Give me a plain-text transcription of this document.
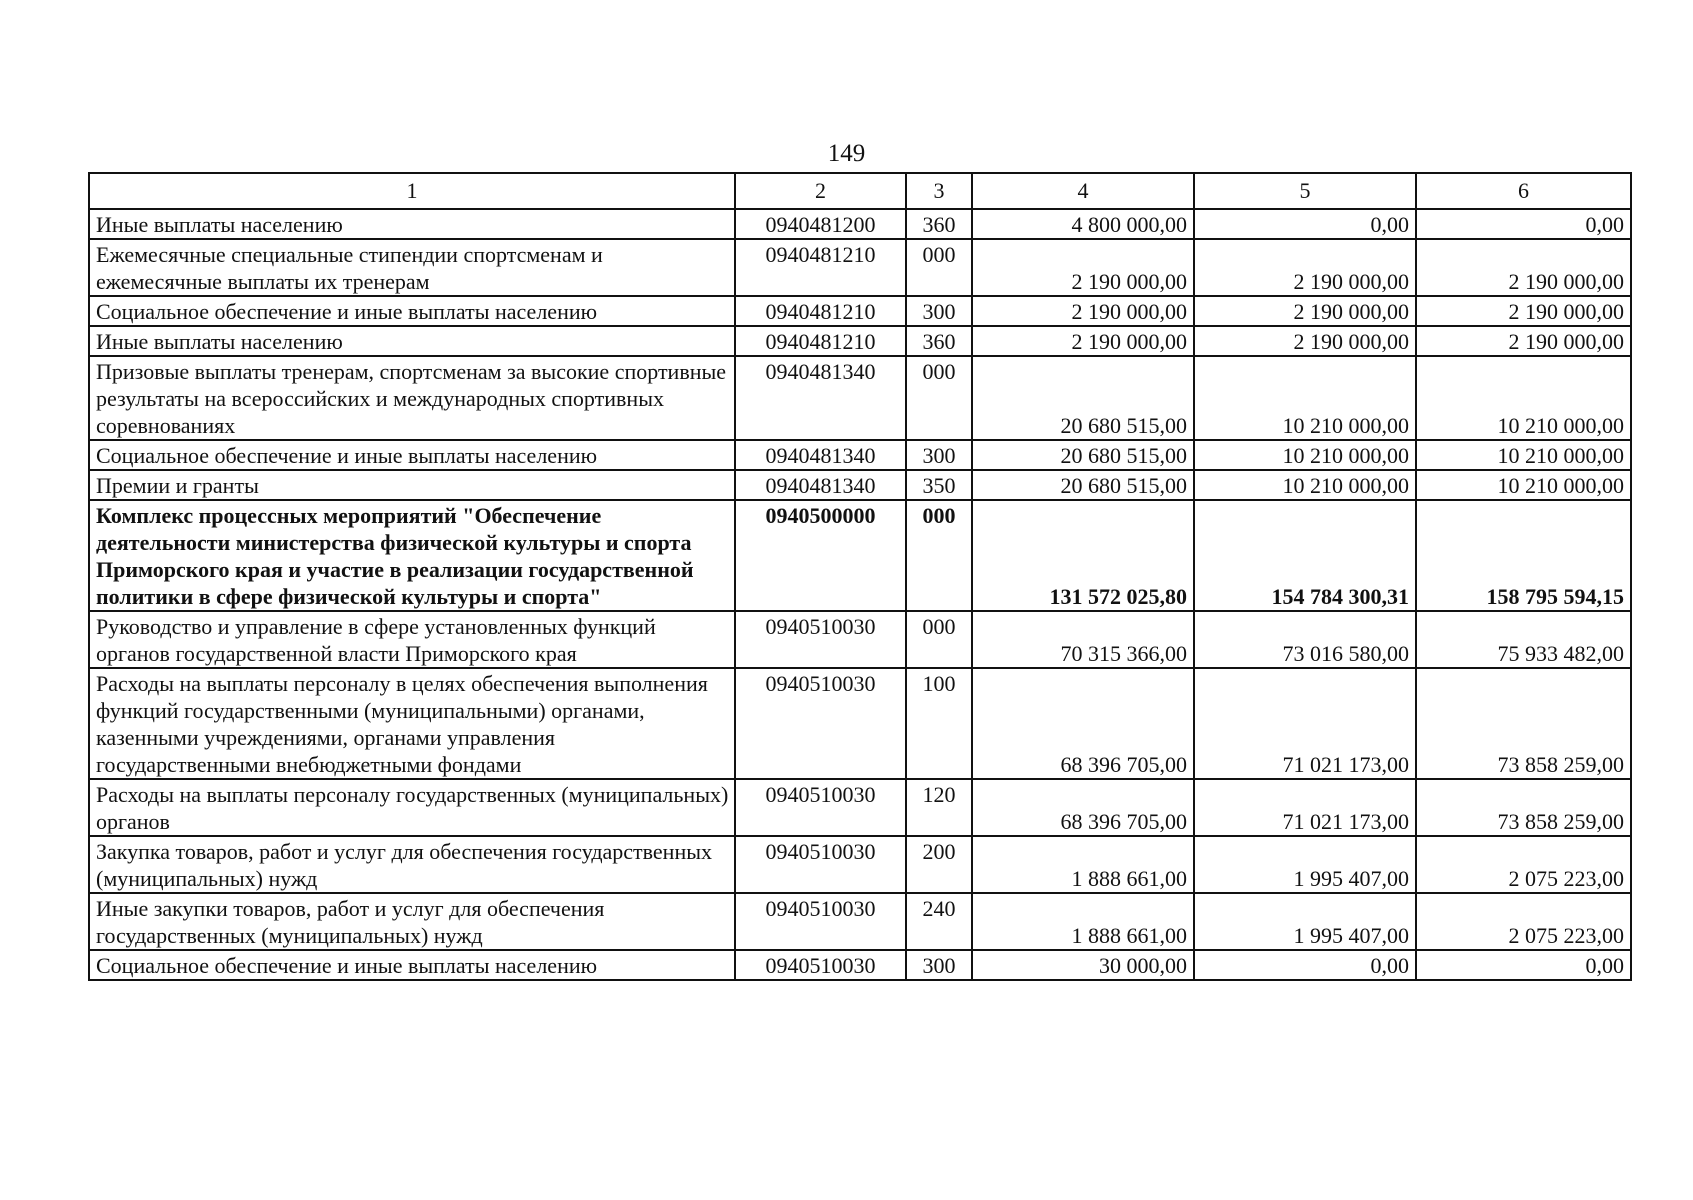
149
1	2	3	4	5	6
Иные выплаты населению	0940481200	360	4 800 000,00	0,00	0,00
Ежемесячные специальные стипендии спортсменам и ежемесячные выплаты их тренерам	0940481210	000	2 190 000,00	2 190 000,00	2 190 000,00
Социальное обеспечение и иные выплаты населению	0940481210	300	2 190 000,00	2 190 000,00	2 190 000,00
Иные выплаты населению	0940481210	360	2 190 000,00	2 190 000,00	2 190 000,00
Призовые выплаты тренерам, спортсменам за высокие спортивные результаты на всероссийских и международных спортивных соревнованиях	0940481340	000	20 680 515,00	10 210 000,00	10 210 000,00
Социальное обеспечение и иные выплаты населению	0940481340	300	20 680 515,00	10 210 000,00	10 210 000,00
Премии и гранты	0940481340	350	20 680 515,00	10 210 000,00	10 210 000,00
Комплекс процессных мероприятий "Обеспечение деятельности министерства физической культуры и спорта Приморского края и участие в реализации государственной политики в сфере физической культуры и спорта"	0940500000	000	131 572 025,80	154 784 300,31	158 795 594,15
Руководство и управление в сфере установленных функций органов государственной власти Приморского края	0940510030	000	70 315 366,00	73 016 580,00	75 933 482,00
Расходы на выплаты персоналу в целях обеспечения выполнения функций государственными (муниципальными) органами, казенными учреждениями, органами управления государственными внебюджетными фондами	0940510030	100	68 396 705,00	71 021 173,00	73 858 259,00
Расходы на выплаты персоналу государственных (муниципальных) органов	0940510030	120	68 396 705,00	71 021 173,00	73 858 259,00
Закупка товаров, работ и услуг для обеспечения государственных (муниципальных) нужд	0940510030	200	1 888 661,00	1 995 407,00	2 075 223,00
Иные закупки товаров, работ и услуг для обеспечения государственных (муниципальных) нужд	0940510030	240	1 888 661,00	1 995 407,00	2 075 223,00
Социальное обеспечение и иные выплаты населению	0940510030	300	30 000,00	0,00	0,00
